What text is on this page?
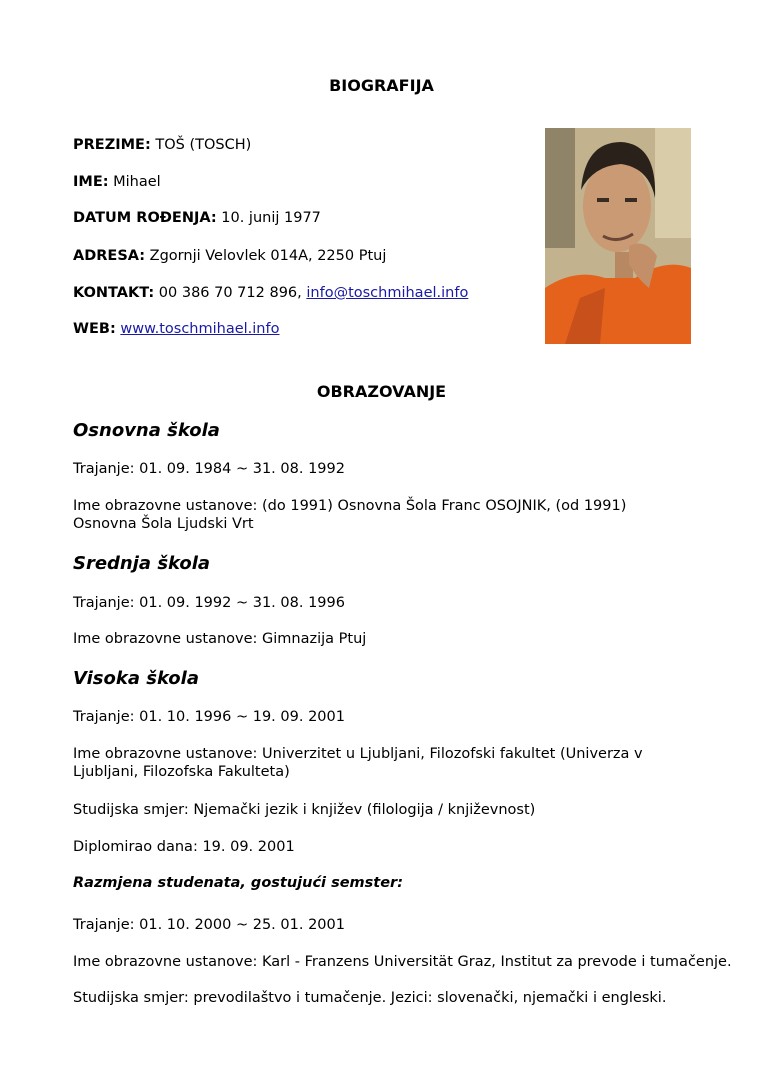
BIOGRAFIJA
PREZIME: TOŠ (TOSCH)
IME: Mihael
DATUM ROĐENJA: 10. junij 1977
ADRESA: Zgornji Velovlek 014A, 2250 Ptuj
KONTAKT: 00 386 70 712 896, info@toschmihael.info
WEB: www.toschmihael.info
OBRAZOVANJE
Osnovna škola
Trajanje: 01. 09. 1984 ~ 31. 08. 1992
Ime obrazovne ustanove: (do 1991) Osnovna Šola Franc OSOJNIK, (od 1991) Osnovna Šola Ljudski Vrt
Srednja škola
Trajanje: 01. 09. 1992 ~ 31. 08. 1996
Ime obrazovne ustanove: Gimnazija Ptuj
Visoka škola
Trajanje: 01. 10. 1996 ~ 19. 09. 2001
Ime obrazovne ustanove: Univerzitet u Ljubljani, Filozofski fakultet (Univerza v Ljubljani, Filozofska Fakulteta)
Studijska smjer: Njemački jezik i književ (filologija / književnost)
Diplomirao dana: 19. 09. 2001
Razmjena studenata, gostujući semster:
Trajanje: 01. 10. 2000 ~ 25. 01. 2001
Ime obrazovne ustanove: Karl - Franzens Universität Graz, Institut za prevode i tumačenje.
Studijska smjer: prevodilaštvo i tumačenje. Jezici: slovenački, njemački i engleski.
